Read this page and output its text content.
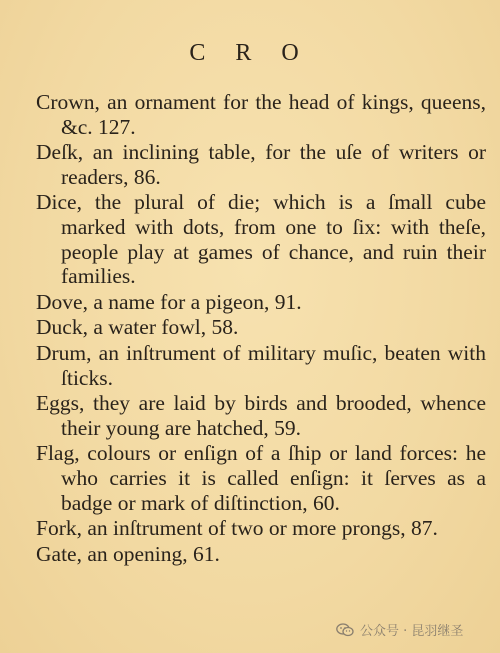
C R O

Crown, an ornament for the head of kings, queens, &c. 127.

Deſk, an inclining table, for the uſe of writers or readers, 86.

Dice, the plural of die; which is a ſmall cube marked with dots, from one to ſix: with theſe, people play at games of chance, and ruin their families.

Dove, a name for a pigeon, 91.

Duck, a water fowl, 58.

Drum, an inſtrument of military muſic, beaten with ſticks.

Eggs, they are laid by birds and brooded, whence their young are hatched, 59.

Flag, colours or enſign of a ſhip or land forces: he who carries it is called enſign: it ſerves as a badge or mark of diſtinction, 60.

Fork, an inſtrument of two or more prongs, 87.

Gate, an opening, 61.

公众号 · 昆羽继圣
